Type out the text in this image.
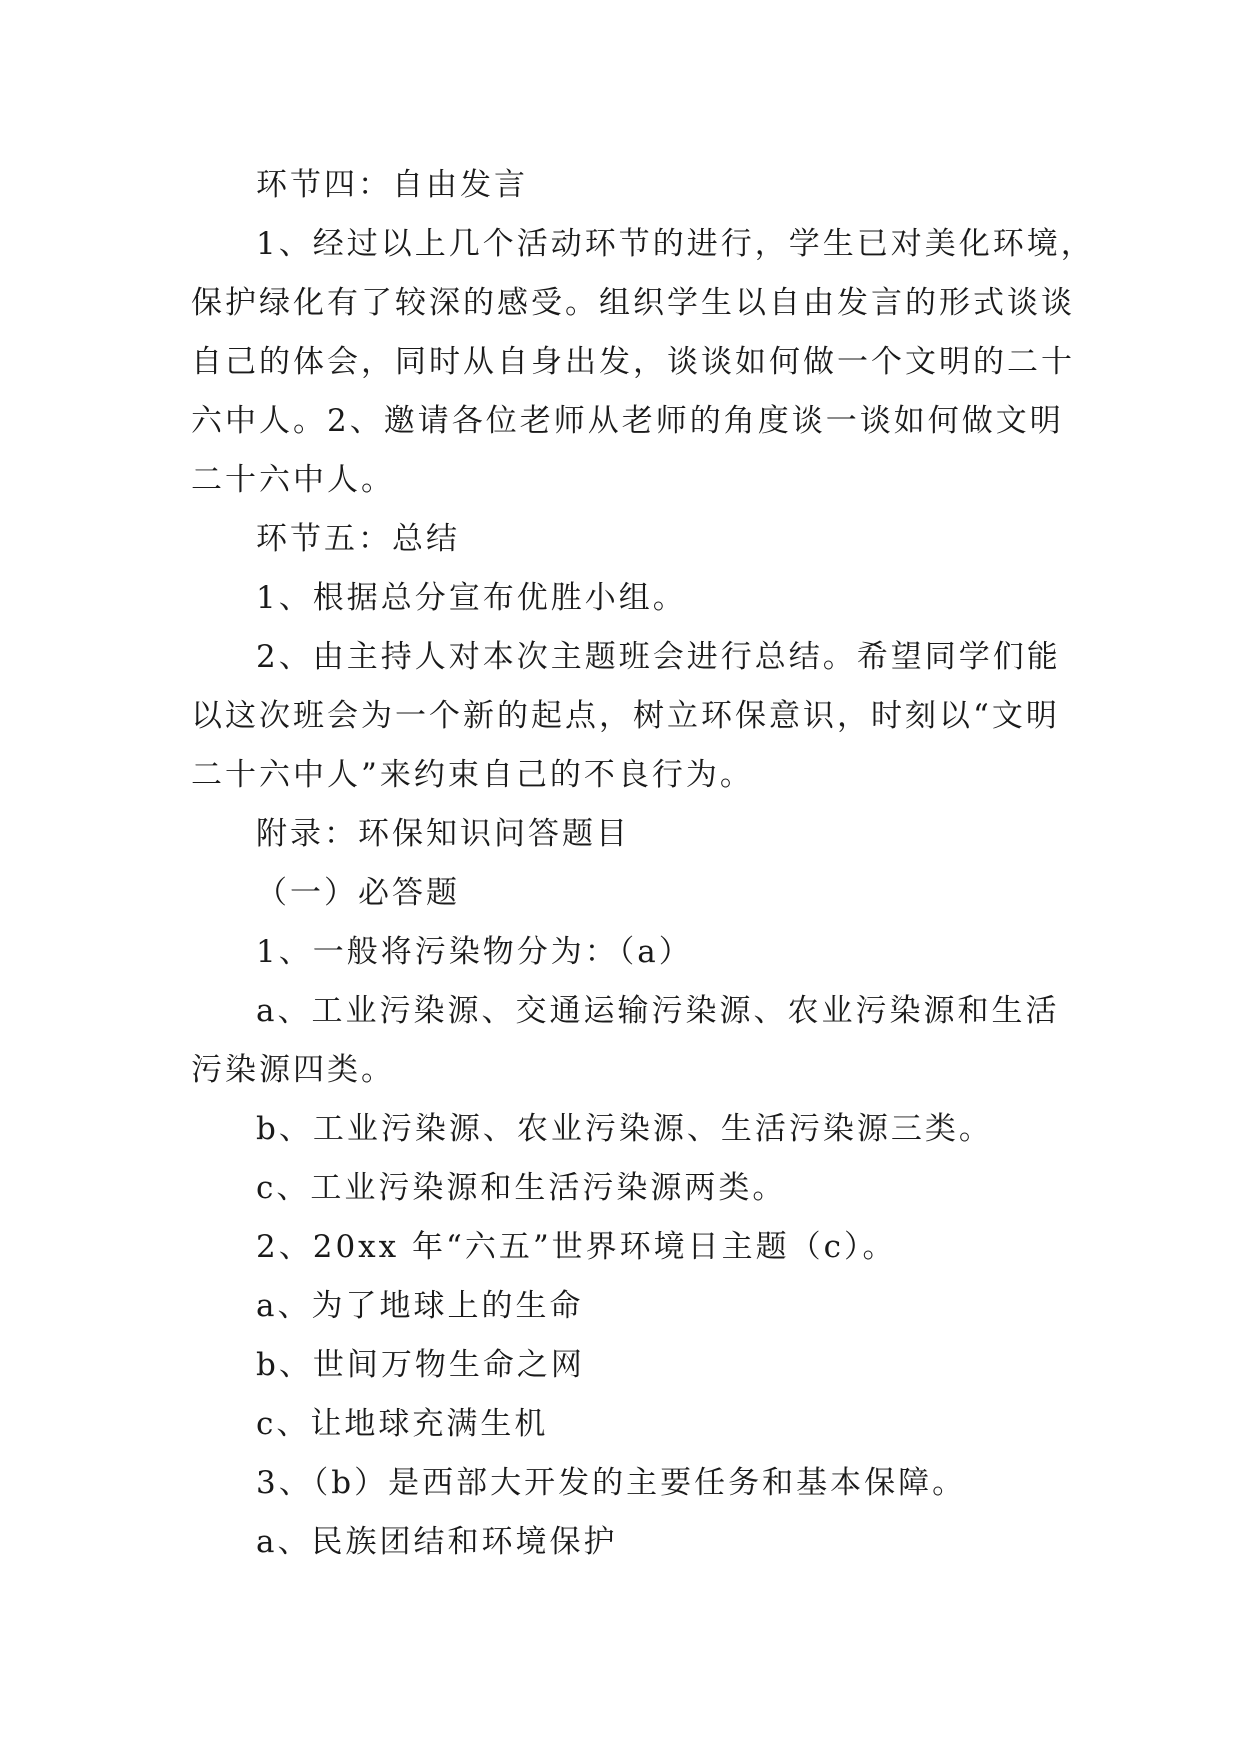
环节四：自由发言
1、经过以上几个活动环节的进行，学生已对美化环境，
保护绿化有了较深的感受。组织学生以自由发言的形式谈谈
自己的体会，同时从自身出发，谈谈如何做一个文明的二十
六中人。2、邀请各位老师从老师的角度谈一谈如何做文明
二十六中人。
环节五：总结
1、根据总分宣布优胜小组。
2、由主持人对本次主题班会进行总结。希望同学们能
以这次班会为一个新的起点，树立环保意识，时刻以“文明
二十六中人”来约束自己的不良行为。
附录：环保知识问答题目
（一）必答题
1、一般将污染物分为：（a）
a、工业污染源、交通运输污染源、农业污染源和生活
污染源四类。
b、工业污染源、农业污染源、生活污染源三类。
c、工业污染源和生活污染源两类。
2、20xx 年“六五”世界环境日主题（c）。
a、为了地球上的生命
b、世间万物生命之网
c、让地球充满生机
3、（b）是西部大开发的主要任务和基本保障。
a、民族团结和环境保护
